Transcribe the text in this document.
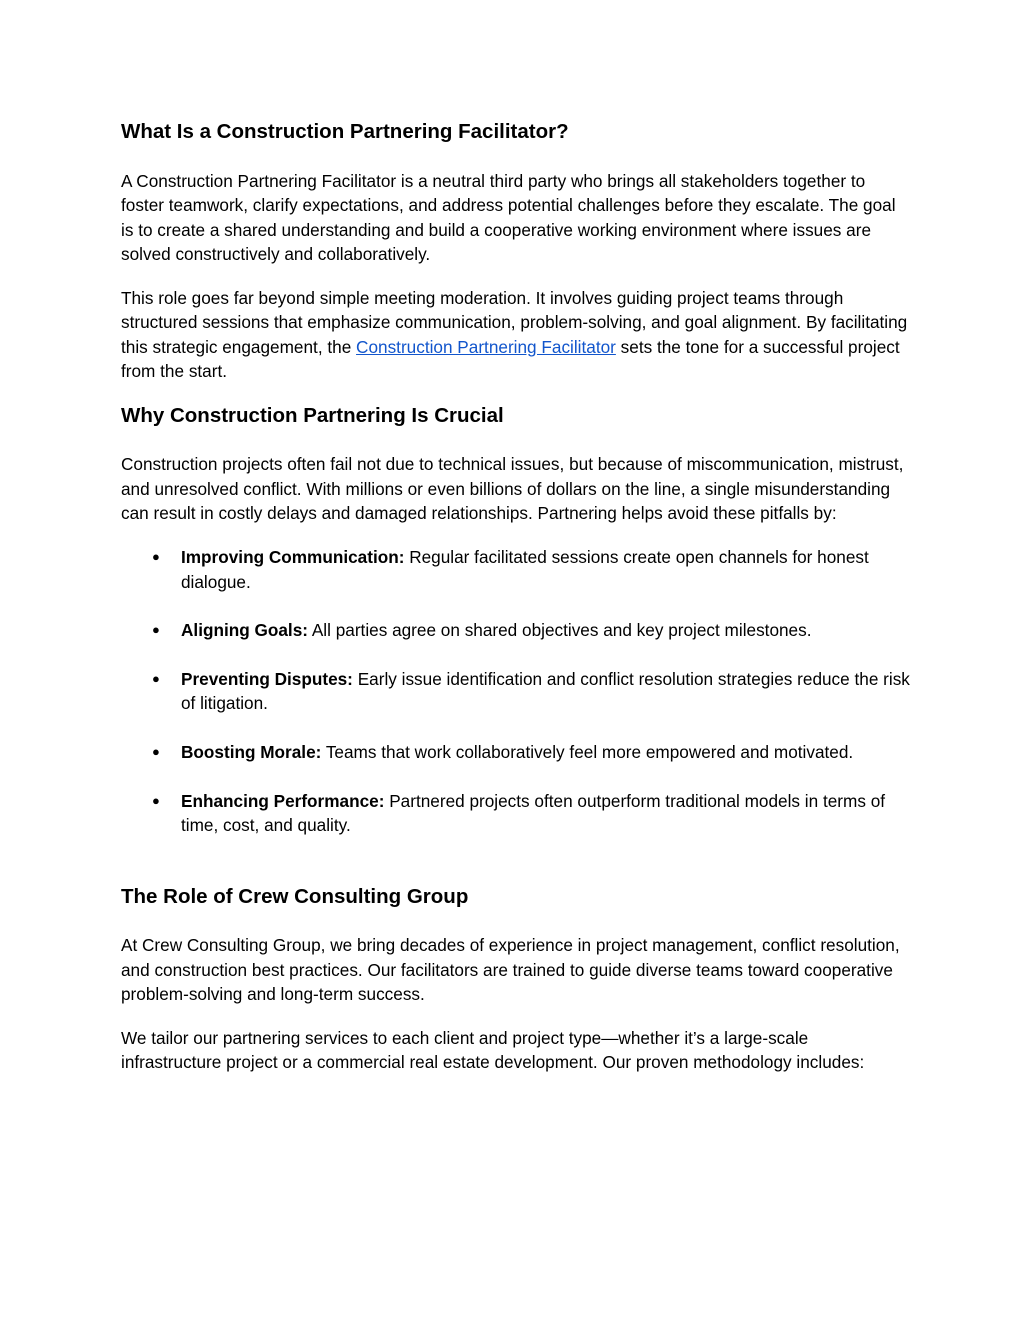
What Is a Construction Partnering Facilitator?

A Construction Partnering Facilitator is a neutral third party who brings all stakeholders together to foster teamwork, clarify expectations, and address potential challenges before they escalate. The goal is to create a shared understanding and build a cooperative working environment where issues are solved constructively and collaboratively.

This role goes far beyond simple meeting moderation. It involves guiding project teams through structured sessions that emphasize communication, problem-solving, and goal alignment. By facilitating this strategic engagement, the Construction Partnering Facilitator sets the tone for a successful project from the start.

Why Construction Partnering Is Crucial

Construction projects often fail not due to technical issues, but because of miscommunication, mistrust, and unresolved conflict. With millions or even billions of dollars on the line, a single misunderstanding can result in costly delays and damaged relationships. Partnering helps avoid these pitfalls by:

● Improving Communication: Regular facilitated sessions create open channels for honest dialogue.
● Aligning Goals: All parties agree on shared objectives and key project milestones.
● Preventing Disputes: Early issue identification and conflict resolution strategies reduce the risk of litigation.
● Boosting Morale: Teams that work collaboratively feel more empowered and motivated.
● Enhancing Performance: Partnered projects often outperform traditional models in terms of time, cost, and quality.
The Role of Crew Consulting Group

At Crew Consulting Group, we bring decades of experience in project management, conflict resolution, and construction best practices. Our facilitators are trained to guide diverse teams toward cooperative problem-solving and long-term success.

We tailor our partnering services to each client and project type—whether it’s a large-scale infrastructure project or a commercial real estate development. Our proven methodology includes:
